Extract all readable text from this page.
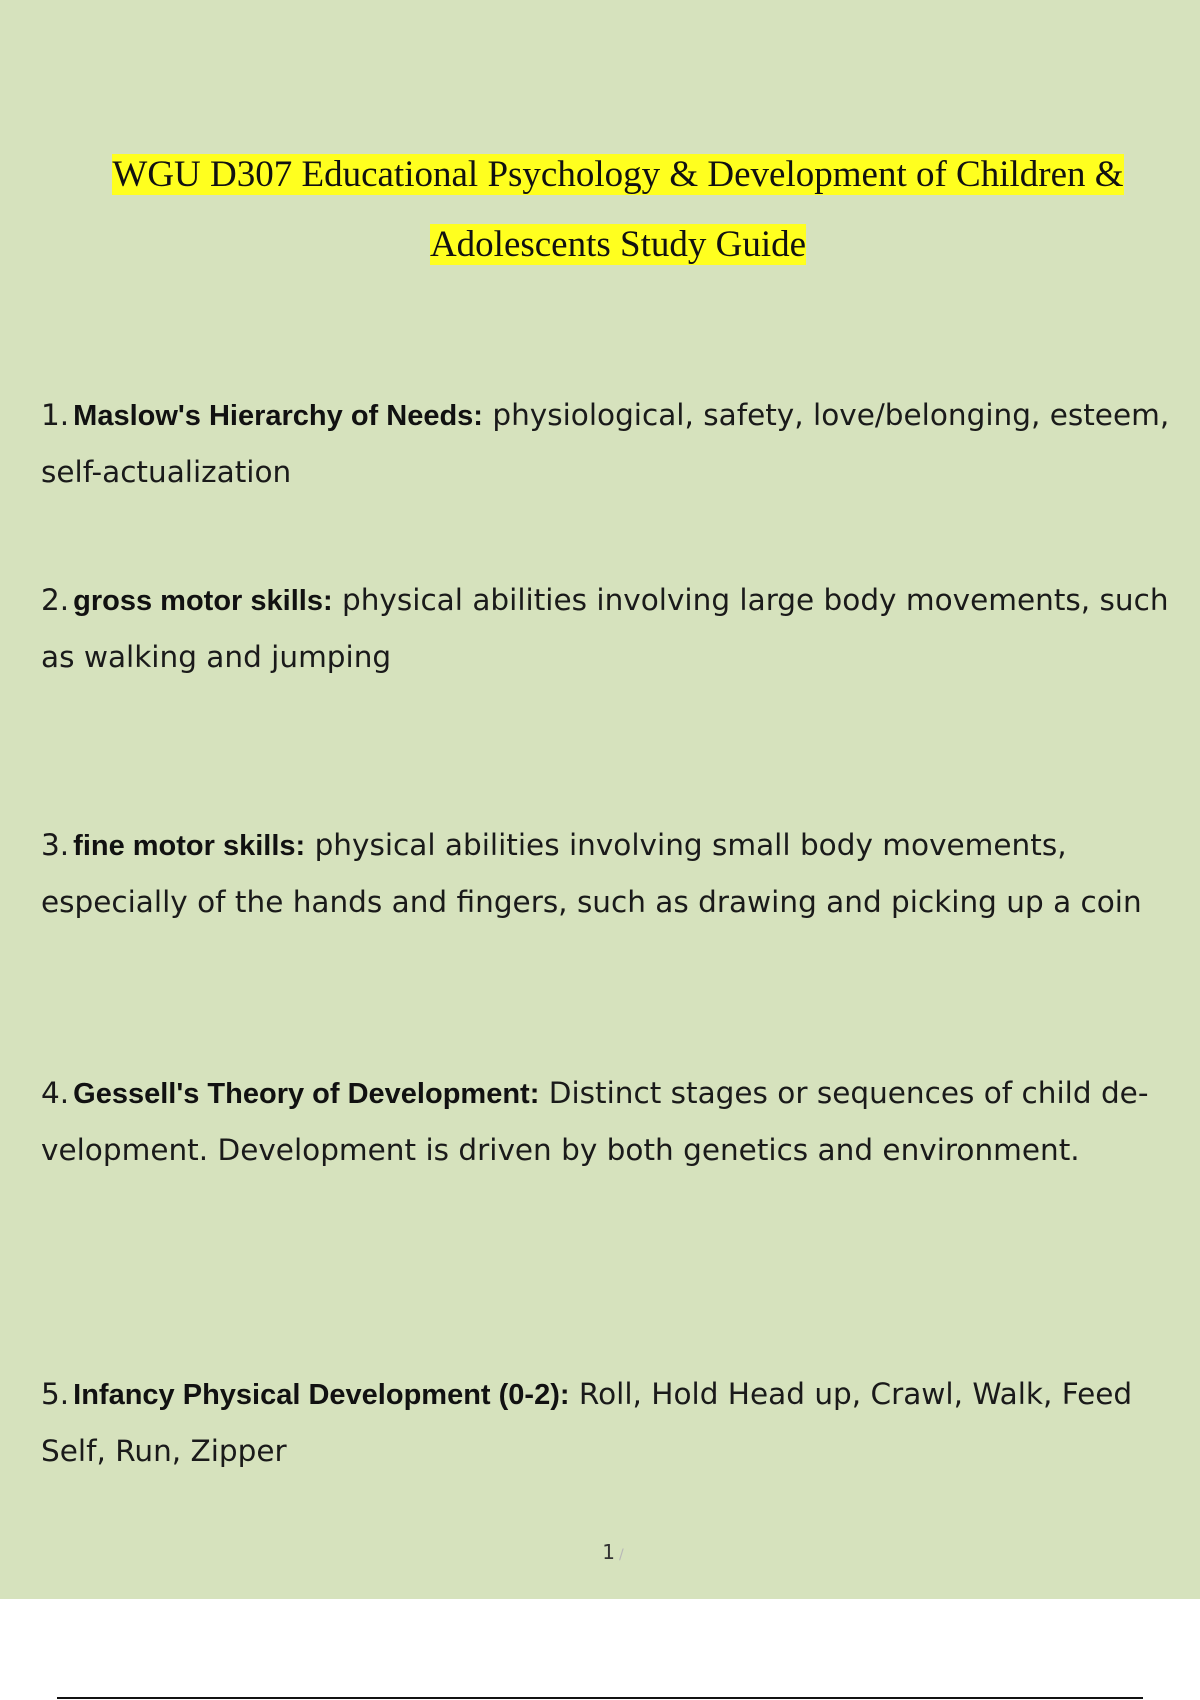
WGU D307 Educational Psychology & Development of Children &
Adolescents Study Guide
1. Maslow's Hierarchy of Needs: physiological, safety, love/belonging, esteem, self-actualization
2. gross motor skills: physical abilities involving large body movements, such as walking and jumping
3. fine motor skills: physical abilities involving small body movements, especially of the hands and fingers, such as drawing and picking up a coin
4. Gessell's Theory of Development: Distinct stages or sequences of child de- velopment. Development is driven by both genetics and environment.
5. Infancy Physical Development (0-2): Roll, Hold Head up, Crawl, Walk, Feed Self, Run, Zipper
1 /
